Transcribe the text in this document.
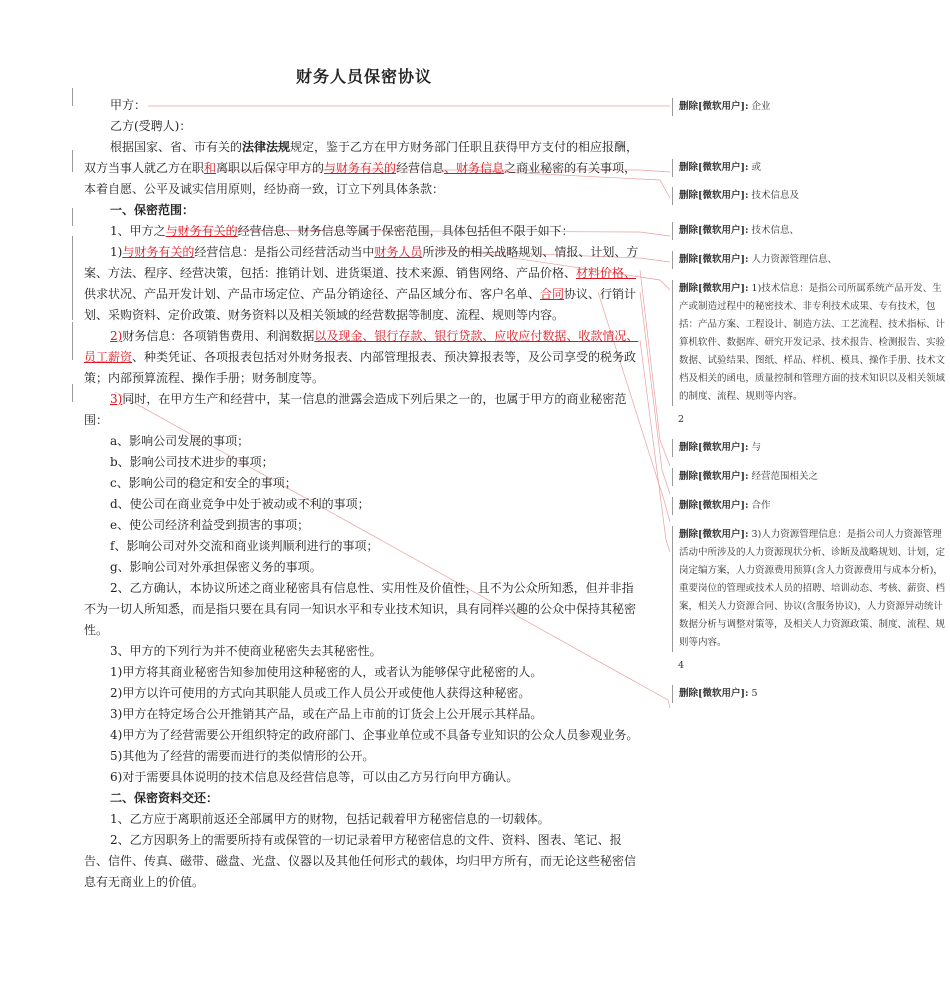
财务人员保密协议

甲方：

乙方(受聘人)：

根据国家、省、市有关的法律法规规定，鉴于乙方在甲方财务部门任职且获得甲方支付的相应报酬，双方当事人就乙方在职和离职以后保守甲方的与财务有关的经营信息、财务信息之商业秘密的有关事项，本着自愿、公平及诚实信用原则，经协商一致，订立下列具体条款：

一、保密范围：

1、甲方之与财务有关的经营信息、财务信息等属于保密范围，具体包括但不限于如下：

1)与财务有关的经营信息：是指公司经营活动当中财务人员所涉及的相关战略规划、情报、计划、方案、方法、程序、经营决策，包括：推销计划、进货渠道、技术来源、销售网络、产品价格、材料价格、供求状况、产品开发计划、产品市场定位、产品分销途径、产品区域分布、客户名单、合同协议、行销计划、采购资料、定价政策、财务资料以及相关领域的经营数据等制度、流程、规则等内容。

2)财务信息：各项销售费用、利润数据以及现金、银行存款、银行贷款、应收应付数据、收款情况、员工薪资、种类凭证、各项报表包括对外财务报表、内部管理报表、预决算报表等，及公司享受的税务政策；内部预算流程、操作手册；财务制度等。

3)同时，在甲方生产和经营中，某一信息的泄露会造成下列后果之一的，也属于甲方的商业秘密范围：

a、影响公司发展的事项；

b、影响公司技术进步的事项；

c、影响公司的稳定和安全的事项；

d、使公司在商业竞争中处于被动或不利的事项；

e、使公司经济利益受到损害的事项；

f、影响公司对外交流和商业谈判顺利进行的事项；

g、影响公司对外承担保密义务的事项。

2、乙方确认，本协议所述之商业秘密具有信息性、实用性及价值性，且不为公众所知悉，但并非指不为一切人所知悉，而是指只要在具有同一知识水平和专业技术知识，具有同样兴趣的公众中保持其秘密性。

3、甲方的下列行为并不使商业秘密失去其秘密性。

1)甲方将其商业秘密告知参加使用这种秘密的人，或者认为能够保守此秘密的人。

2)甲方以许可使用的方式向其职能人员或工作人员公开或使他人获得这种秘密。

3)甲方在特定场合公开推销其产品，或在产品上市前的订货会上公开展示其样品。

4)甲方为了经营需要公开组织特定的政府部门、企事业单位或不具备专业知识的公众人员参观业务。

5)其他为了经营的需要而进行的类似情形的公开。

6)对于需要具体说明的技术信息及经营信息等，可以由乙方另行向甲方确认。

二、保密资料交还：

1、乙方应于离职前返还全部属甲方的财物，包括记载着甲方秘密信息的一切载体。

2、乙方因职务上的需要所持有或保管的一切记录着甲方秘密信息的文件、资料、图表、笔记、报告、信件、传真、磁带、磁盘、光盘、仪器以及其他任何形式的载体，均归甲方所有，而无论这些秘密信息有无商业上的价值。

删除[微软用户]: 企业
删除[微软用户]: 或
删除[微软用户]: 技术信息及
删除[微软用户]: 技术信息、
删除[微软用户]: 人力资源管理信息、
删除[微软用户]: 1)技术信息：是指公司所属系统产品开发、生产或制造过程中的秘密技术、非专利技术成果、专有技术，包括：产品方案、工程设计、制造方法、工艺流程、技术指标、计算机软件、数据库、研究开发记录、技术报告、检测报告、实验数据、试验结果、图纸、样品、样机、模具、操作手册、技术文档及相关的函电，质量控制和管理方面的技术知识以及相关领域的制度、流程、规则等内容。
2
删除[微软用户]: 与
删除[微软用户]: 经营范围相关之
删除[微软用户]: 合作
删除[微软用户]: 3)人力资源管理信息：是指公司人力资源管理活动中所涉及的人力资源现状分析、诊断及战略规划、计划，定岗定编方案，人力资源费用预算(含人力资源费用与成本分析)，重要岗位的管理或技术人员的招聘、培训动态、考核、薪资、档案，相关人力资源合同、协议(含服务协议)，人力资源异动统计数据分析与调整对策等，及相关人力资源政策、制度、流程、规则等内容。
4
删除[微软用户]: 5
